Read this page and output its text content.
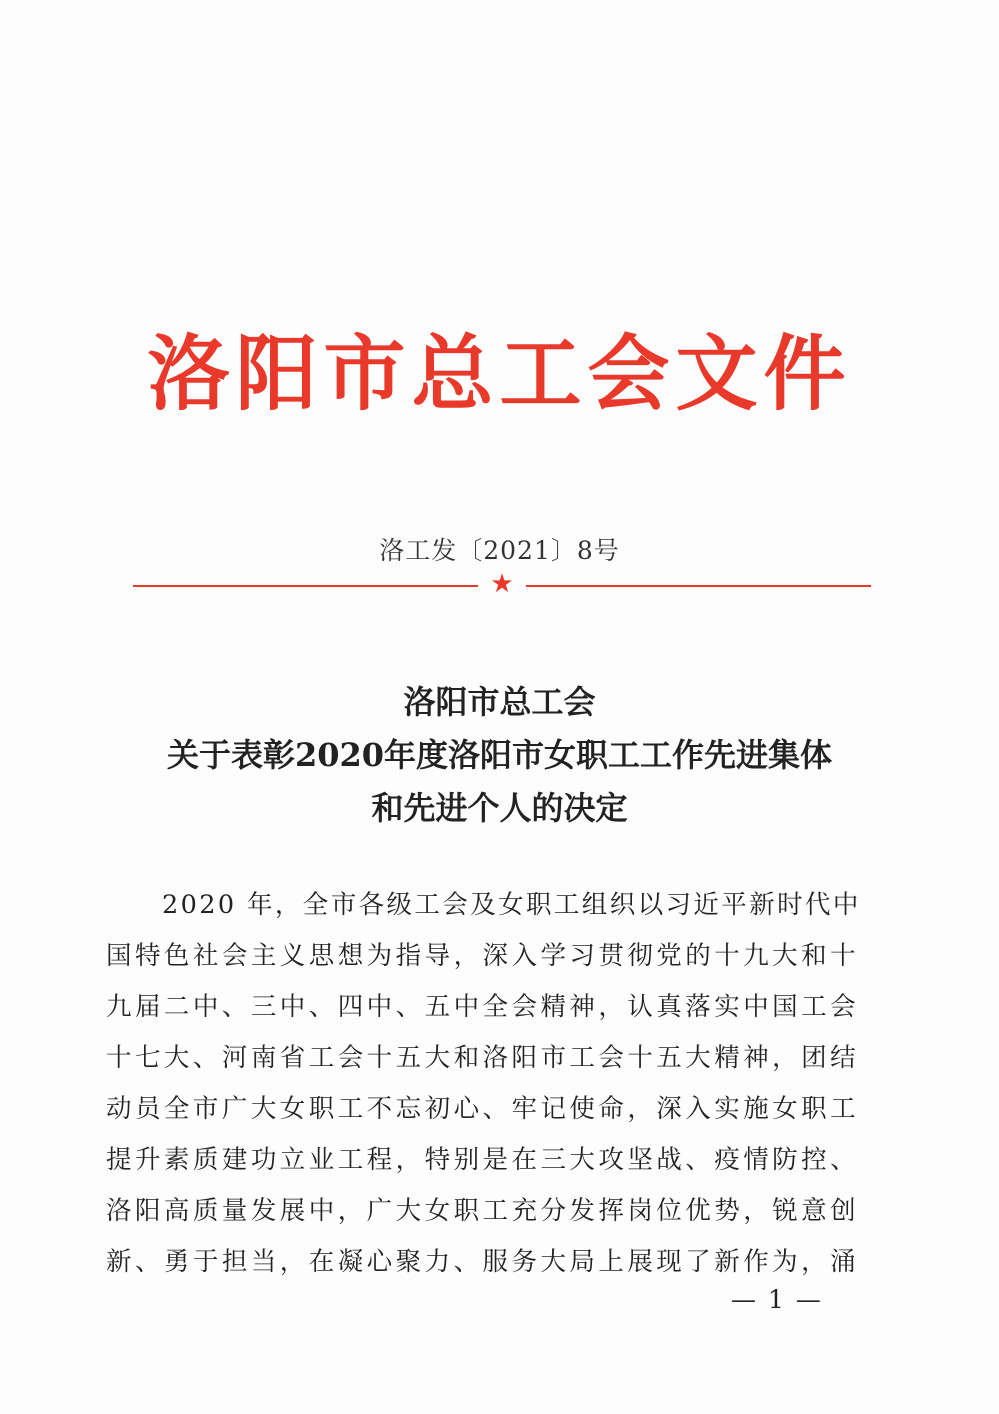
洛阳市总工会文件
洛工发〔2021〕8号
★
洛阳市总工会
关于表彰2020年度洛阳市女职工工作先进集体
和先进个人的决定
2020 年，全市各级工会及女职工组织以习近平新时代中
国特色社会主义思想为指导，深入学习贯彻党的十九大和十
九届二中、三中、四中、五中全会精神，认真落实中国工会
十七大、河南省工会十五大和洛阳市工会十五大精神，团结
动员全市广大女职工不忘初心、牢记使命，深入实施女职工
提升素质建功立业工程，特别是在三大攻坚战、疫情防控、
洛阳高质量发展中，广大女职工充分发挥岗位优势，锐意创
新、勇于担当，在凝心聚力、服务大局上展现了新作为，涌
— 1 —
